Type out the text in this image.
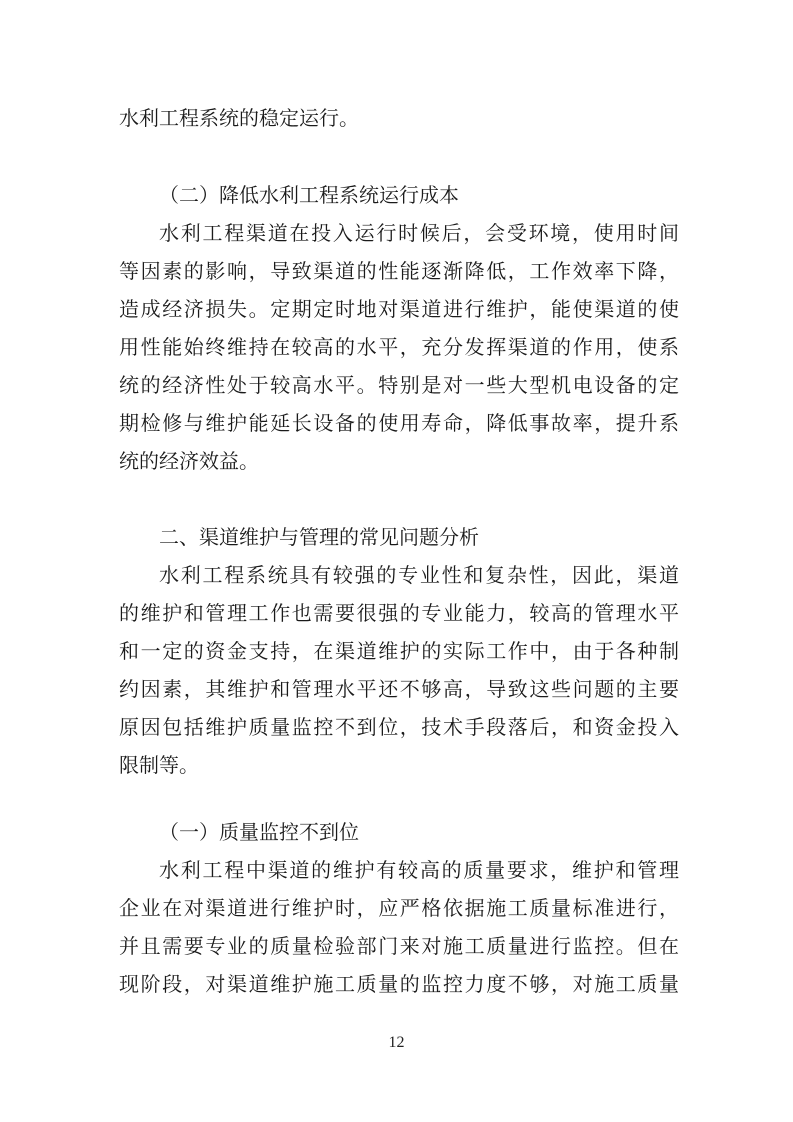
水利工程系统的稳定运行。
（二）降低水利工程系统运行成本
水利工程渠道在投入运行时候后，会受环境，使用时间
等因素的影响，导致渠道的性能逐渐降低，工作效率下降，
造成经济损失。定期定时地对渠道进行维护，能使渠道的使
用性能始终维持在较高的水平，充分发挥渠道的作用，使系
统的经济性处于较高水平。特别是对一些大型机电设备的定
期检修与维护能延长设备的使用寿命，降低事故率，提升系
统的经济效益。
二、渠道维护与管理的常见问题分析
水利工程系统具有较强的专业性和复杂性，因此，渠道
的维护和管理工作也需要很强的专业能力，较高的管理水平
和一定的资金支持，在渠道维护的实际工作中，由于各种制
约因素，其维护和管理水平还不够高，导致这些问题的主要
原因包括维护质量监控不到位，技术手段落后，和资金投入
限制等。
（一）质量监控不到位
水利工程中渠道的维护有较高的质量要求，维护和管理
企业在对渠道进行维护时，应严格依据施工质量标准进行，
并且需要专业的质量检验部门来对施工质量进行监控。但在
现阶段，对渠道维护施工质量的监控力度不够，对施工质量
12
